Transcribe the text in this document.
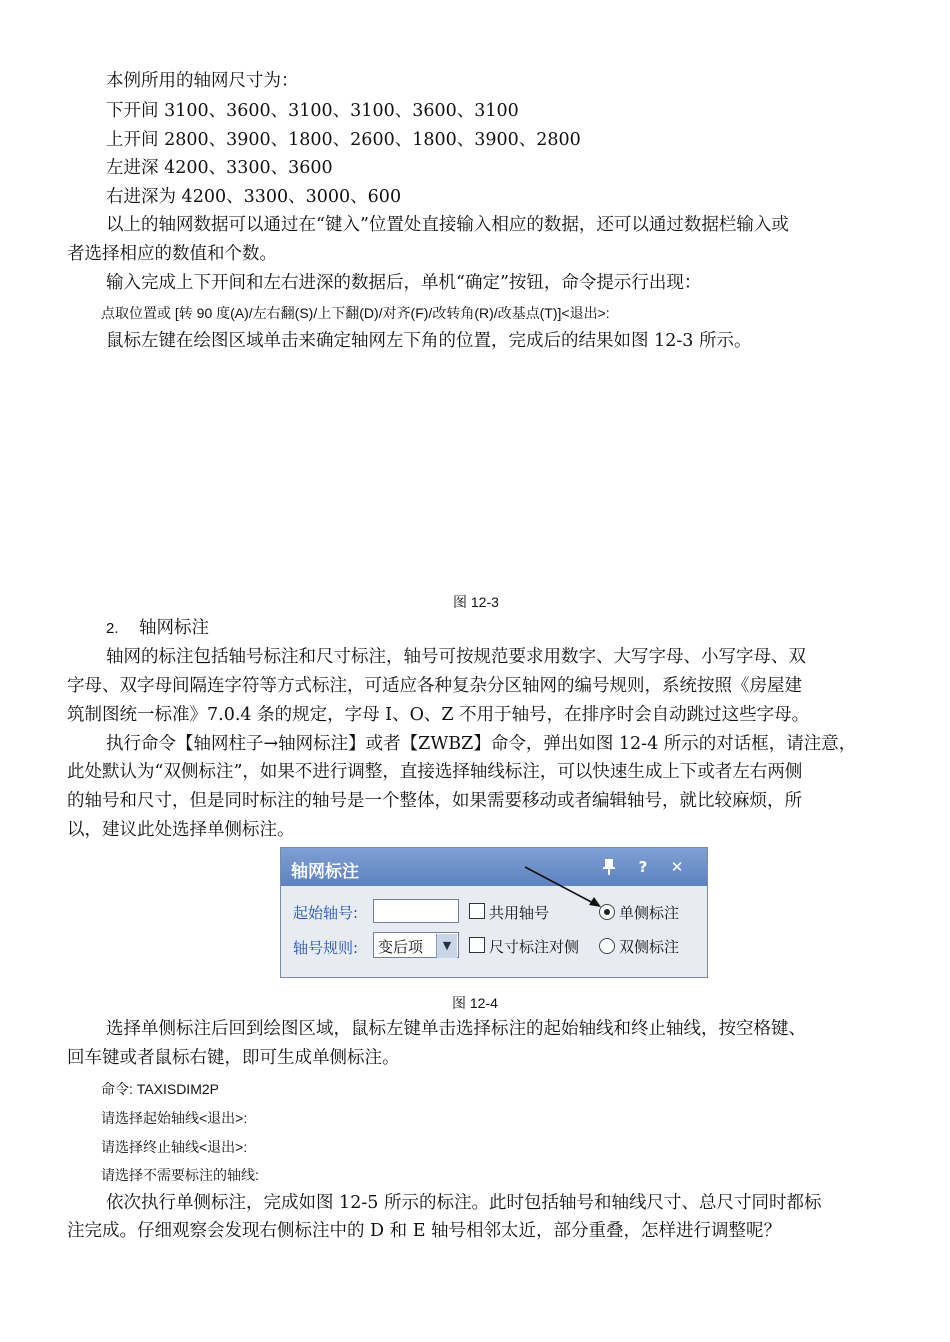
本例所用的轴网尺寸为：
下开间 3100、3600、3100、3100、3600、3100
上开间 2800、3900、1800、2600、1800、3900、2800
左进深 4200、3300、3600
右进深为 4200、3300、3000、600
以上的轴网数据可以通过在“键入”位置处直接输入相应的数据，还可以通过数据栏输入或
者选择相应的数值和个数。
输入完成上下开间和左右进深的数据后，单机“确定”按钮，命令提示行出现：
点取位置或 [转 90 度(A)/左右翻(S)/上下翻(D)/对齐(F)/改转角(R)/改基点(T)]<退出>:
鼠标左键在绘图区域单击来确定轴网左下角的位置，完成后的结果如图 12-3 所示。
图 12-3
2. 轴网标注
轴网的标注包括轴号标注和尺寸标注，轴号可按规范要求用数字、大写字母、小写字母、双
字母、双字母间隔连字符等方式标注，可适应各种复杂分区轴网的编号规则，系统按照《房屋建
筑制图统一标准》7.0.4 条的规定，字母 I、O、Z 不用于轴号，在排序时会自动跳过这些字母。
执行命令【轴网柱子→轴网标注】或者【ZWBZ】命令，弹出如图 12-4 所示的对话框，请注意，
此处默认为“双侧标注”，如果不进行调整，直接选择轴线标注，可以快速生成上下或者左右两侧
的轴号和尺寸，但是同时标注的轴号是一个整体，如果需要移动或者编辑轴号，就比较麻烦，所
以，建议此处选择单侧标注。
轴网标注	?	✕
起始轴号:	共用轴号	单侧标注
轴号规则: 变后项	▼	尺寸标注对侧	双侧标注
图 12-4
选择单侧标注后回到绘图区域，鼠标左键单击选择标注的起始轴线和终止轴线，按空格键、
回车键或者鼠标右键，即可生成单侧标注。
命令: TAXISDIM2P
请选择起始轴线<退出>:
请选择终止轴线<退出>:
请选择不需要标注的轴线:
依次执行单侧标注，完成如图 12-5 所示的标注。此时包括轴号和轴线尺寸、总尺寸同时都标
注完成。仔细观察会发现右侧标注中的 D 和 E 轴号相邻太近，部分重叠，怎样进行调整呢？
